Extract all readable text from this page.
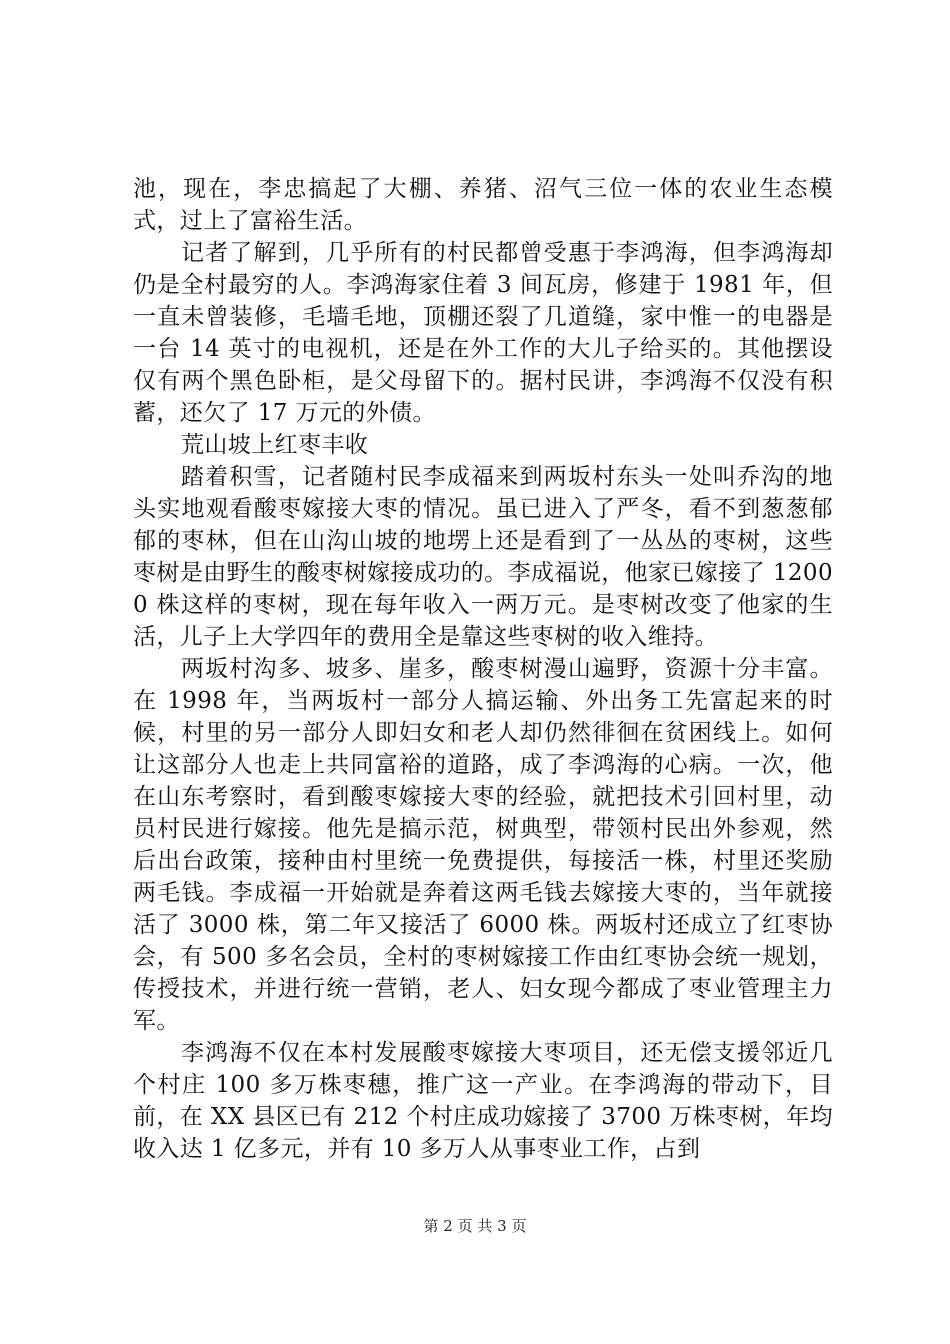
池，现在，李忠搞起了大棚、养猪、沼气三位一体的农业生态模式，过上了富裕生活。

记者了解到，几乎所有的村民都曾受惠于李鸿海，但李鸿海却仍是全村最穷的人。李鸿海家住着 3 间瓦房，修建于 1981 年，但一直未曾装修，毛墙毛地，顶棚还裂了几道缝，家中惟一的电器是一台 14 英寸的电视机，还是在外工作的大儿子给买的。其他摆设仅有两个黑色卧柜，是父母留下的。据村民讲，李鸿海不仅没有积蓄，还欠了 17 万元的外债。

荒山坡上红枣丰收

踏着积雪，记者随村民李成福来到两坂村东头一处叫乔沟的地头实地观看酸枣嫁接大枣的情况。虽已进入了严冬，看不到葱葱郁郁的枣林，但在山沟山坡的地塄上还是看到了一丛丛的枣树，这些枣树是由野生的酸枣树嫁接成功的。李成福说，他家已嫁接了 12000 株这样的枣树，现在每年收入一两万元。是枣树改变了他家的生活，儿子上大学四年的费用全是靠这些枣树的收入维持。

两坂村沟多、坡多、崖多，酸枣树漫山遍野，资源十分丰富。在 1998 年，当两坂村一部分人搞运输、外出务工先富起来的时候，村里的另一部分人即妇女和老人却仍然徘徊在贫困线上。如何让这部分人也走上共同富裕的道路，成了李鸿海的心病。一次，他在山东考察时，看到酸枣嫁接大枣的经验，就把技术引回村里，动员村民进行嫁接。他先是搞示范，树典型，带领村民出外参观，然后出台政策，接种由村里统一免费提供，每接活一株，村里还奖励两毛钱。李成福一开始就是奔着这两毛钱去嫁接大枣的，当年就接活了 3000 株，第二年又接活了 6000 株。两坂村还成立了红枣协会，有 500 多名会员，全村的枣树嫁接工作由红枣协会统一规划，传授技术，并进行统一营销，老人、妇女现今都成了枣业管理主力军。

李鸿海不仅在本村发展酸枣嫁接大枣项目，还无偿支援邻近几个村庄 100 多万株枣穗，推广这一产业。在李鸿海的带动下，目前，在 XX 县区已有 212 个村庄成功嫁接了 3700 万株枣树，年均收入达 1 亿多元，并有 10 多万人从事枣业工作，占到

第 2 页 共 3 页
